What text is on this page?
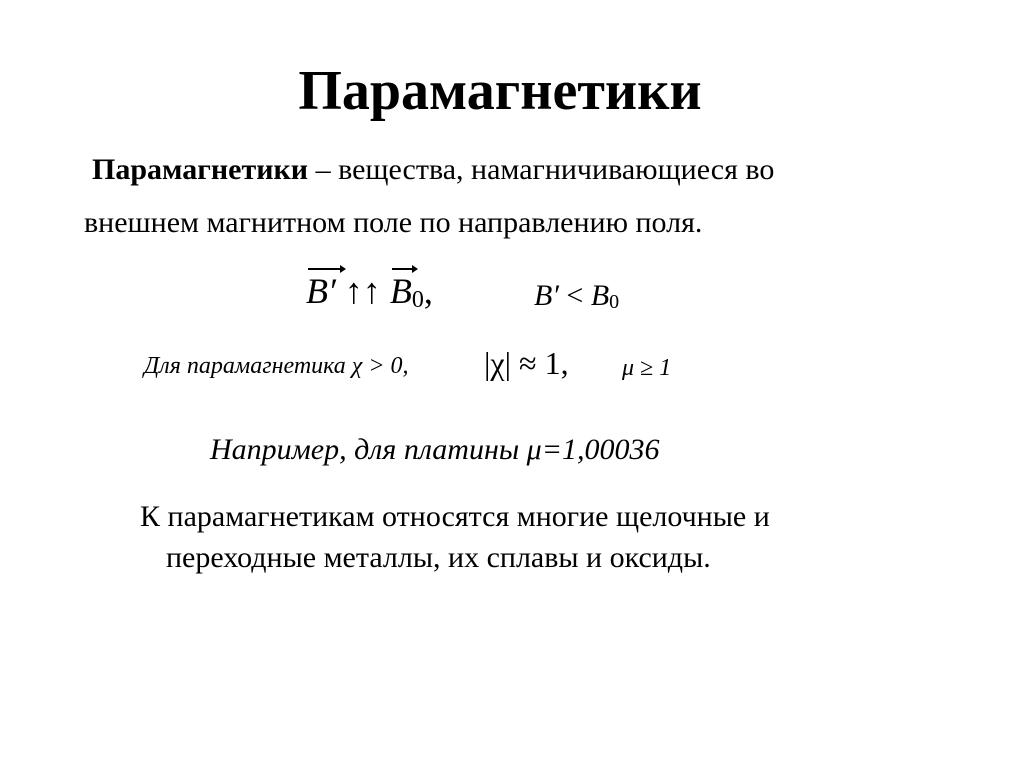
Парамагнетики
Парамагнетики – вещества, намагничивающиеся во
внешнем магнитном поле по направлению поля.
B′ ↑↑ B0,	B′ < B0
Для парамагнетика χ > 0, |χ| ≈ 1, μ ≥ 1
Например, для платины μ=1,00036
К парамагнетикам относятся многие щелочные и
переходные металлы, их сплавы и оксиды.
